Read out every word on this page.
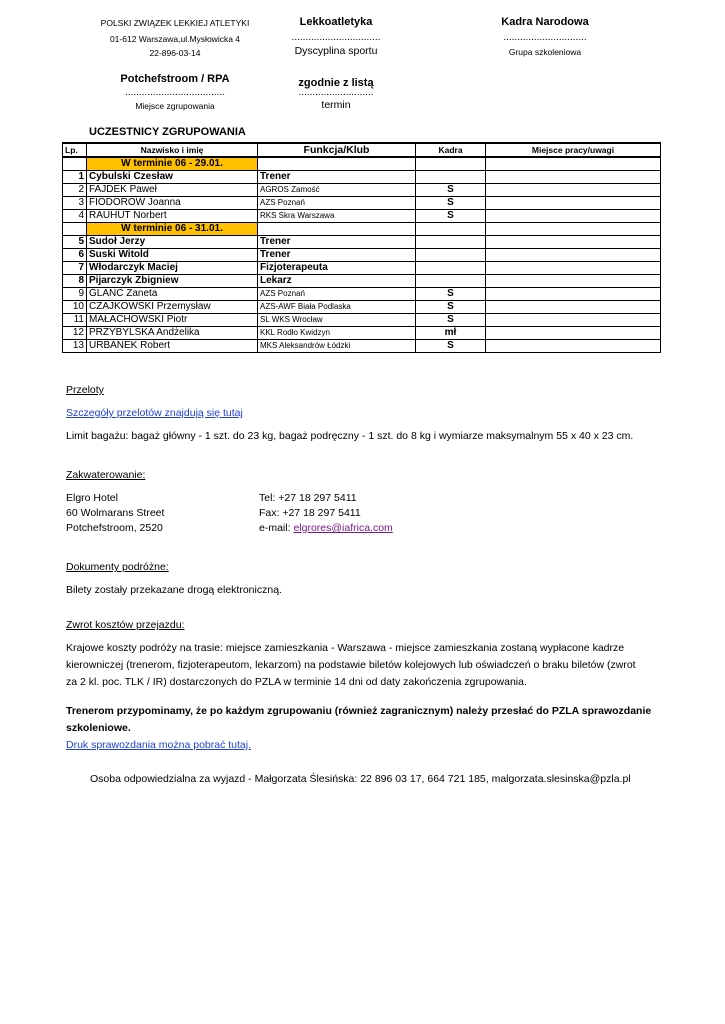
POLSKI ZWIĄZEK LEKKIEJ ATLETYKI
01-612 Warszawa,ul.Mysłowicka 4
22-896-03-14
Lekkoatletyka
................................
Dyscyplina sportu
Kadra Narodowa
..............................
Grupa szkoleniowa
Potchefstroom / RPA
....................................
Miejsce zgrupowania
zgodnie z listą
...........................
termin
UCZESTNICY ZGRUPOWANIA
Lp.	Nazwisko i imię	Funkcja/Klub	Kadra	Miejsce pracy/uwagi
	W terminie 06 - 29.01.			
1	Cybulski Czesław	Trener		
2	FAJDEK Paweł	AGROS Zamość	S	
3	FIODOROW Joanna	AZS Poznań	S	
4	RAUHUT Norbert	RKS Skra Warszawa	S	
	W terminie 06 - 31.01.			
5	Sudoł Jerzy	Trener		
6	Suski Witold	Trener		
7	Włodarczyk Maciej	Fizjoterapeuta		
8	Pijarczyk Zbigniew	Lekarz		
9	GLANC Żaneta	AZS Poznań	S	
10	CZAJKOWSKI Przemysław	AZS-AWF Biała Podlaska	S	
11	MAŁACHOWSKI Piotr	SL WKS Wrocław	S	
12	PRZYBYLSKA Andżelika	KKL Rodło Kwidzyn	mł	
13	URBANEK Robert	MKS Aleksandrów Łódzki	S	
Przeloty
Szczegóły przelotów znajdują się tutaj
Limit bagażu: bagaż główny - 1 szt. do 23 kg, bagaż podręczny - 1 szt. do 8 kg i wymiarze maksymalnym 55 x 40 x 23 cm.
Zakwaterowanie:
Elgro Hotel
60 Wolmarans Street
Potchefstroom, 2520
Tel: +27 18 297 5411
Fax: +27 18 297 5411
e-mail: elgrores@iafrica.com
Dokumenty podróżne:
Bilety zostały przekazane drogą elektroniczną.
Zwrot kosztów przejazdu:
Krajowe koszty podróży na trasie: miejsce zamieszkania - Warszawa - miejsce zamieszkania zostaną wypłacone kadrze
kierowniczej (trenerom, fizjoterapeutom, lekarzom) na podstawie biletów kolejowych lub oświadczeń o braku biletów (zwrot
za 2 kl. poc. TLK / IR) dostarczonych do PZLA w terminie 14 dni od daty zakończenia zgrupowania.
Trenerom przypominamy, że po każdym zgrupowaniu (również zagranicznym) należy przesłać do PZLA sprawozdanie
szkoleniowe.
Druk sprawozdania można pobrać tutaj.
Osoba odpowiedzialna za wyjazd - Małgorzata Ślesińska: 22 896 03 17, 664 721 185, malgorzata.slesinska@pzla.pl
